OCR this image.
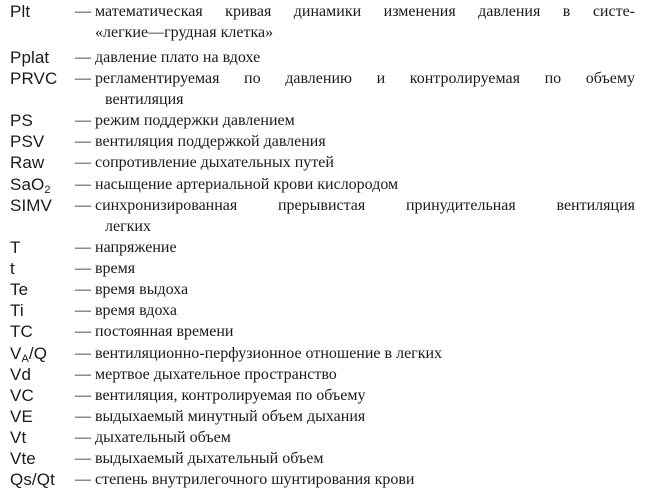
Plt	— математическая кривая динамики изменения давления в систе-
«легкие—грудная клетка»
Pplat — давление плато на вдохе
PRVC — регламентируемая по давлению и контролируемая по объему
вентиляция
PS	— режим поддержки давлением
PSV — вентиляция поддержкой давления
Raw — сопротивление дыхательных путей
SaO$_2$ — насыщение артериальной крови кислородом
SIMV — синхронизированная прерывистая принудительная вентиляция
легких
T	— напряжение
t	— время
Te	— время выдоха
Ti	— время вдоха
TC	— постоянная времени
$V_A/Q$ — вентиляционно-перфузионное отношение в легких
Vd	— мертвое дыхательное пространство
VC	— вентиляция, контролируемая по объему
VE	— выдыхаемый минутный объем дыхания
Vt	— дыхательный объем
Vte — выдыхаемый дыхательный объем
Qs/Qt — степень внутрилегочного шунтирования крови
